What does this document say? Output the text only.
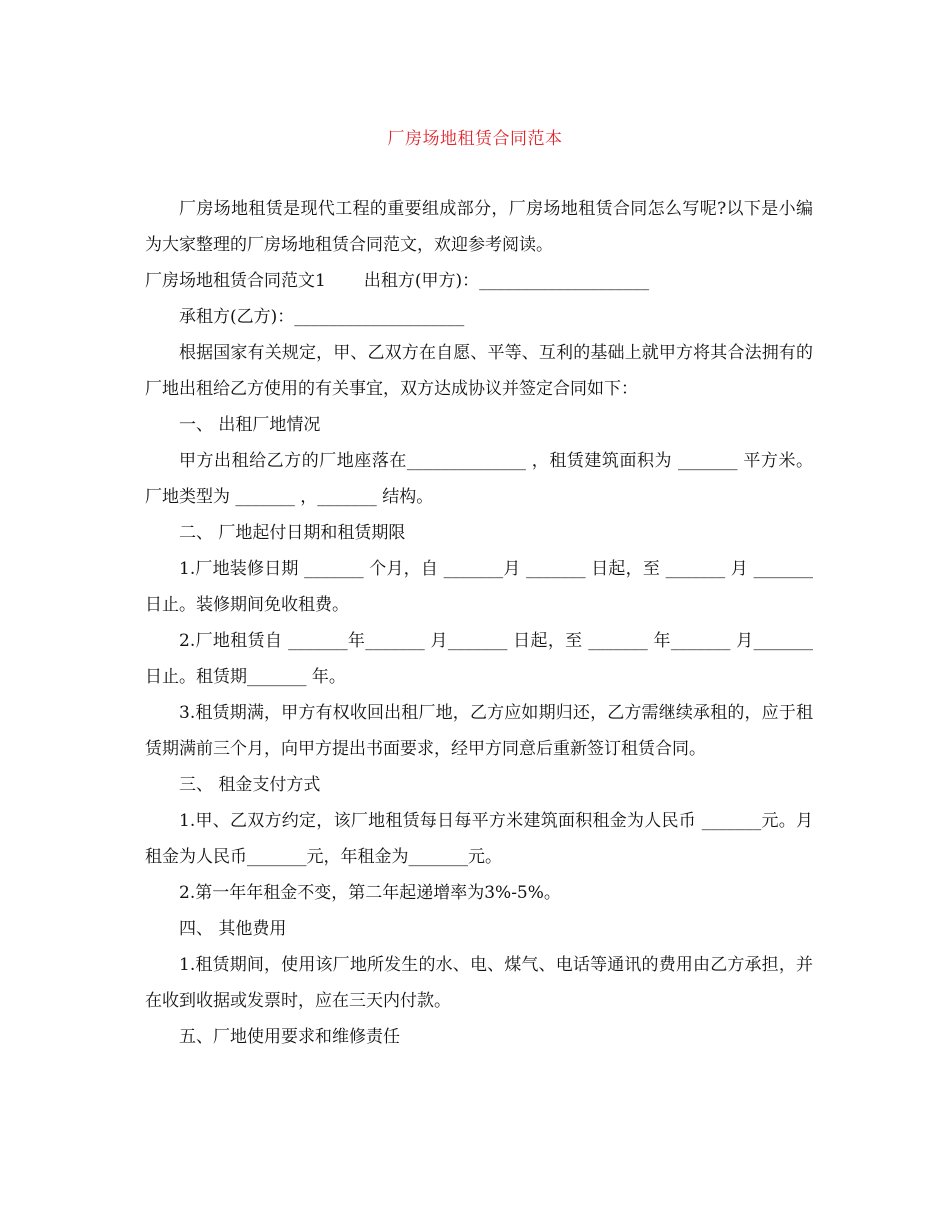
厂房场地租赁合同范本

厂房场地租赁是现代工程的重要组成部分，厂房场地租赁合同怎么写呢?以下是小编为大家整理的厂房场地租赁合同范文，欢迎参考阅读。

厂房场地租赁合同范文1 出租方(甲方)：____________________

承租方(乙方)：____________________

根据国家有关规定，甲、乙双方在自愿、平等、互利的基础上就甲方将其合法拥有的厂地出租给乙方使用的有关事宜，双方达成协议并签定合同如下：

一、 出租厂地情况

甲方出租给乙方的厂地座落在______________ ，租赁建筑面积为 _______ 平方米。厂地类型为 _______ ，_______ 结构。

二、 厂地起付日期和租赁期限

1.厂地装修日期 _______ 个月，自 _______月 _______ 日起，至 _______ 月 _______ 日止。装修期间免收租费。

2.厂地租赁自 _______年_______ 月_______ 日起，至 _______ 年_______ 月_______ 日止。租赁期_______ 年。

3.租赁期满，甲方有权收回出租厂地，乙方应如期归还，乙方需继续承租的，应于租赁期满前三个月，向甲方提出书面要求，经甲方同意后重新签订租赁合同。

三、 租金支付方式

1.甲、乙双方约定，该厂地租赁每日每平方米建筑面积租金为人民币 _______元。月租金为人民币_______元，年租金为_______元。

2.第一年年租金不变，第二年起递增率为3%-5%。

四、 其他费用

1.租赁期间，使用该厂地所发生的水、电、煤气、电话等通讯的费用由乙方承担，并在收到收据或发票时，应在三天内付款。

五、厂地使用要求和维修责任
